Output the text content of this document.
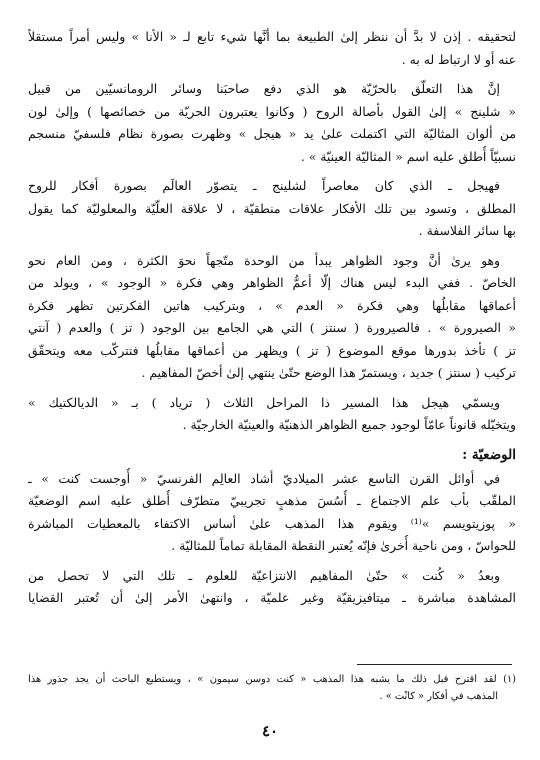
لتحقيقه . إذن لا بدَّ أن ننظر إلىٰ الطبيعة بما أنَّها شيء تابع لـ « الأنا » وليس أمراً مستقلاً
عنه أو لا ارتباط له به .

إنَّ هذا التعلّق بالحرّيّة هو الذي دفع صاحبَنا وسائر الرومانسيّين من قبيل
« شلينج » إلىٰ القول بأصالة الروح ( وكانوا يعتبرون الحريّة من خصائصها ) وإلىٰ لون
من ألوان المثاليّة التي اكتملت علىٰ يد « هيجل » وظهرت بصورة نظام فلسفيّ منسجم
نسبيّاً أُطلق عليه اسم « المثاليّة العينيّة » .

فهيجل ـ الذي كان معاصراً لشلينج ـ يتصوّر العالَم بصورة أفكار للروح
المطلق ، وتسود بين تلك الأفكار علاقات منطقيّة ، لا علاقة العلّيّة والمعلوليّة كما يقول
بها سائر الفلاسفة .

وهو يرىٰ أنَّ وجود الظواهر يبدأ من الوحدة متّجهاً نحوَ الكثرة ، ومن العام نحو
الخاصّ . ففي البدء ليس هناك إلّا أعمُّ الظواهر وهي فكرة « الوجود » ، ويولد من
أعماقها مقابلُها وهي فكرة « العدم » ، وبتركيب هاتين الفكرتين تظهر فكرة
« الصيرورة » . فالصيرورة ( سنتز ) التي هي الجامع بين الوجود ( تز ) والعدم ( آنتي
تز ) تأخذ بدورها موقع الموضوع ( تز ) ويظهر من أعماقها مقابلُها فتتركّب معه ويتحقّق
تركيب ( سنتز ) جديد ، ويستمرّ هذا الوضع حتّىٰ ينتهي إلىٰ أخصّ المفاهيم .

ويسمّي هيجل هذا المسير ذا المراحل الثلاث ( ترياد ) بـ « الديالكتيك »
ويتخيّله قانوناً عامّاً لوجود جميع الظواهر الذهنيّة والعينيّة الخارجيّة .

الوضعيّة :

في أوائل القرن التاسع عشر الميلاديّ أشاد العالِم الفرنسيّ « أُوجست كنت » ـ
الملقّب بأب علم الاجتماع ـ أُسُسَ مذهبٍ تجريبيّ متطرّف أُطلق عليه اسم الوضعيّة
« پوزيتويسم »⁽¹⁾ ويقوم هذا المذهب علىٰ أساس الاكتفاء بالمعطيات المباشرة
للحواسّ ، ومن ناحية أُخرىٰ فإنّه يُعتبر النقطة المقابلة تماماً للمثاليّة .

وبعدُ « كُنت » حتّىٰ المفاهيم الانتزاعيّة للعلوم ـ تلك التي لا تحصل من
المشاهدة مباشرة ـ ميتافيزيقيّة وغير علميّة ، وانتهىٰ الأمر إلىٰ أن تُعتبر القضايا

(١) لقد اقترح قبل ذلك ما يشبه هذا المذهب « كنت دوسن سيمون » ، ويستطيع الباحث أن يجد جذور هذا
المذهب في أفكار « كانْت » .
٤٠
